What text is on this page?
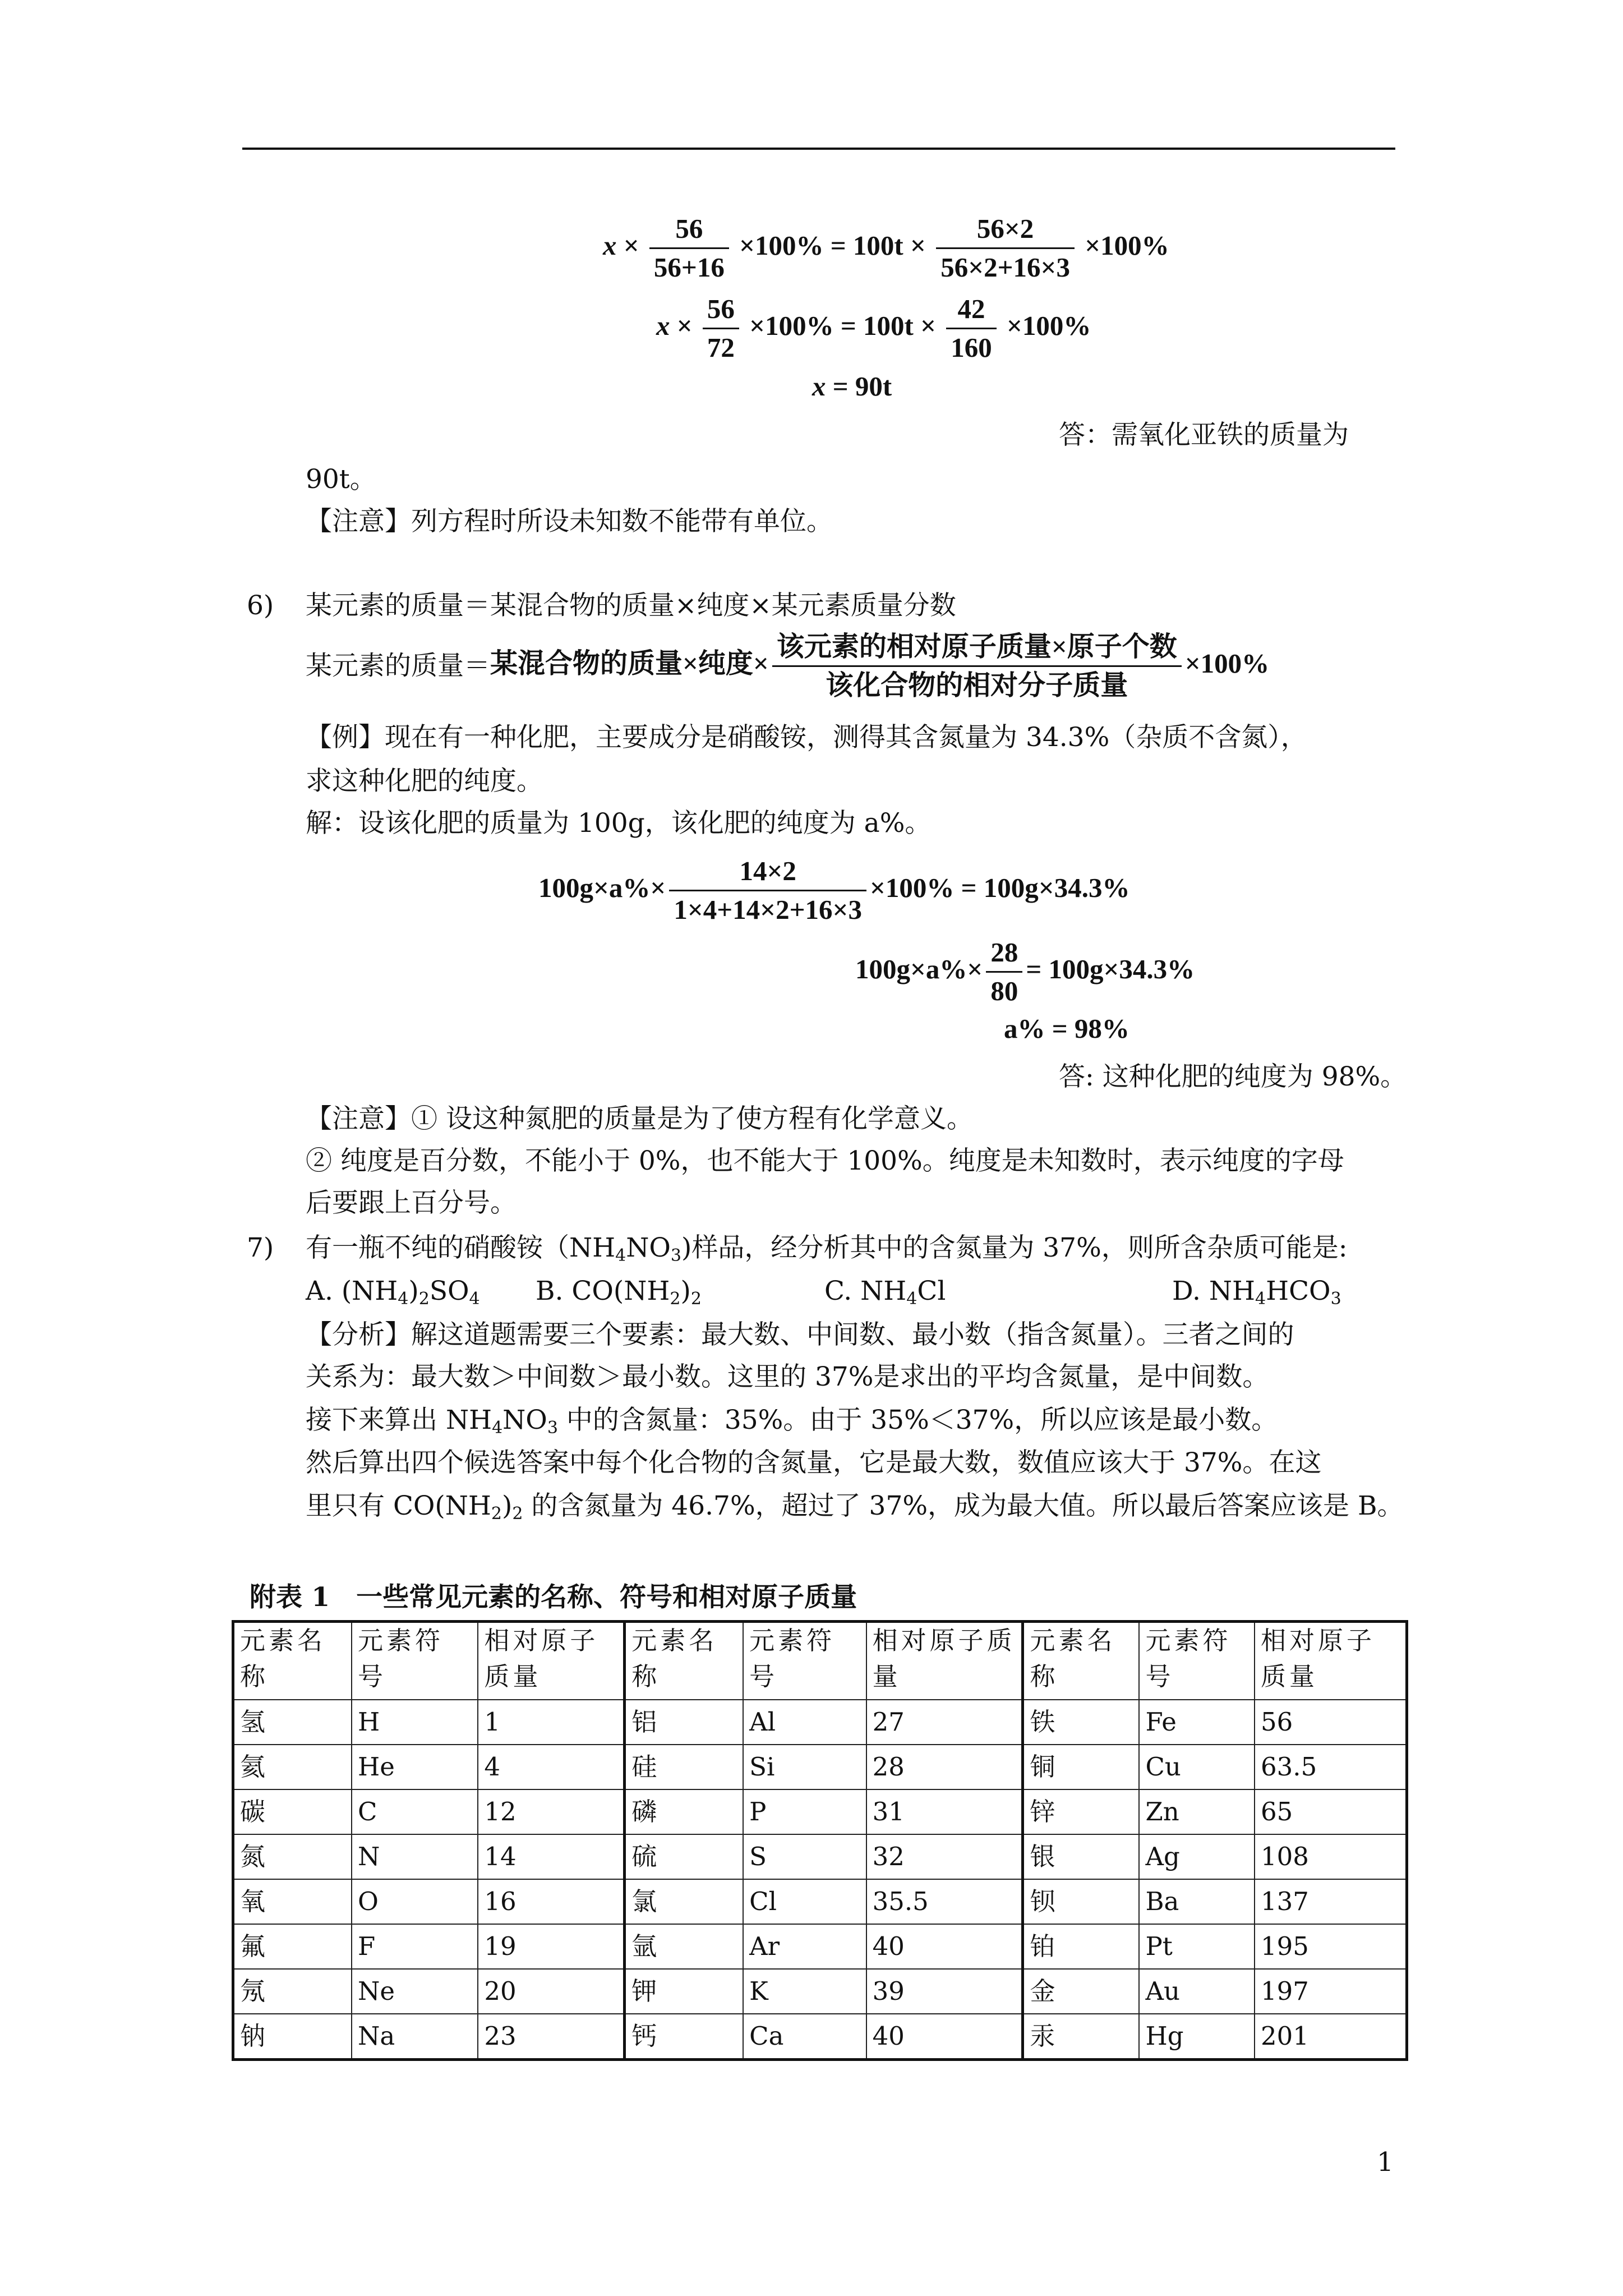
$x \times \frac{56}{56+16} \times 100\% = 100t \times \frac{56\times 2}{56\times 2+16\times 3} \times 100\%$
$x \times \frac{56}{72} \times 100\% = 100t \times \frac{42}{160} \times 100\%$
x = 90t
答：需氧化亚铁的质量为
90t。
【注意】列方程时所设未知数不能带有单位。
6) 某元素的质量＝某混合物的质量×纯度×某元素质量分数
某元素的质量＝某混合物的质量×纯度× $\frac{\text{该元素的相对原子质量×原子个数}}{\text{该化合物的相对分子质量}} \times 100\%$
【例】现在有一种化肥，主要成分是硝酸铵，测得其含氮量为 34.3%（杂质不含氮），
求这种化肥的纯度。
解：设该化肥的质量为 100g，该化肥的纯度为 a%。
$100g\times a\%\times \frac{14\times 2}{1\times 4+14\times 2+16\times 3} \times 100\% = 100g\times 34.3\%$
$100g\times a\%\times \frac{28}{80} = 100g\times 34.3\%$
a% = 98%
答: 这种化肥的纯度为 98%。
【注意】① 设这种氮肥的质量是为了使方程有化学意义。
② 纯度是百分数，不能小于 0%，也不能大于 100%。纯度是未知数时，表示纯度的字母
后要跟上百分号。
7) 有一瓶不纯的硝酸铵$(NH_4NO_3)$样品，经分析其中的含氮量为 37%，则所含杂质可能是:
A. $(NH_4)_2SO_4$ B. $CO(NH_2)_2$	C. $NH_4Cl$	D. $NH_4HCO_3$
【分析】解这道题需要三个要素：最大数、中间数、最小数（指含氮量）。三者之间的
关系为：最大数＞中间数＞最小数。这里的 37%是求出的平均含氮量，是中间数。
接下来算出 $NH_4NO_3$ 中的含氮量：35%。由于 35%＜37%，所以应该是最小数。
然后算出四个候选答案中每个化合物的含氮量，它是最大数，数值应该大于 37%。在这
里只有 $CO(NH_2)_2$ 的含氮量为 46.7%，超过了 37%，成为最大值。所以最后答案应该是 B。
附表 1　一些常见元素的名称、符号和相对原子质量
元素名称	元素符号	相对原子质量	元素名称	元素符号	相对原子质量	元素名称	元素符号	相对原子质量
氢	H	1	铝	Al	27	铁	Fe	56
氦	He	4	硅	Si	28	铜	Cu	63.5
碳	C	12	磷	P	31	锌	Zn	65
氮	N	14	硫	S	32	银	Ag	108
氧	O	16	氯	Cl	35.5	钡	Ba	137
氟	F	19	氩	Ar	40	铂	Pt	195
氖	Ne	20	钾	K	39	金	Au	197
钠	Na	23	钙	Ca	40	汞	Hg	201
1
